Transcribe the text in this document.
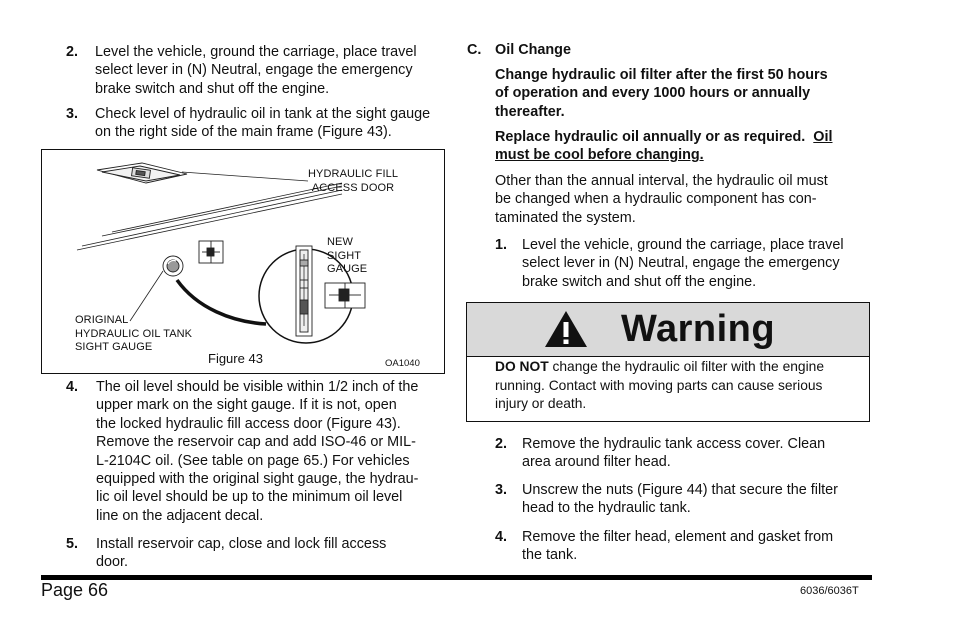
2. Level the vehicle, ground the carriage, place travel
select lever in (N) Neutral, engage the emergency
brake switch and shut off the engine.
3. Check level of hydraulic oil in tank at the sight gauge
on the right side of the main frame (Figure 43).
HYDRAULIC FILL
ACCESS DOOR
NEW
SIGHT
GAUGE
ORIGINAL
HYDRAULIC OIL TANK
SIGHT GAUGE
Figure 43	OA1040
4. The oil level should be visible within 1/2 inch of the
upper mark on the sight gauge. If it is not, open
the locked hydraulic fill access door (Figure 43).
Remove the reservoir cap and add ISO-46 or MIL-
L-2104C oil. (See table on page 65.) For vehicles
equipped with the original sight gauge, the hydrau-
lic oil level should be up to the minimum oil level
line on the adjacent decal.
5. Install reservoir cap, close and lock fill access
door.
C. Oil Change
Change hydraulic oil filter after the first 50 hours
of operation and every 1000 hours or annually
thereafter.
Replace hydraulic oil annually or as required.  Oil
must be cool before changing.
Other than the annual interval, the hydraulic oil must
be changed when a hydraulic component has con-
taminated the system.
1. Level the vehicle, ground the carriage, place travel
select lever in (N) Neutral, engage the emergency
brake switch and shut off the engine.
Warning
DO NOT change the hydraulic oil filter with the engine
running. Contact with moving parts can cause serious
injury or death.
2. Remove the hydraulic tank access cover. Clean
area around filter head.
3. Unscrew the nuts (Figure 44) that secure the filter
head to the hydraulic tank.
4. Remove the filter head, element and gasket from
the tank.
Page 66	6036/6036T
